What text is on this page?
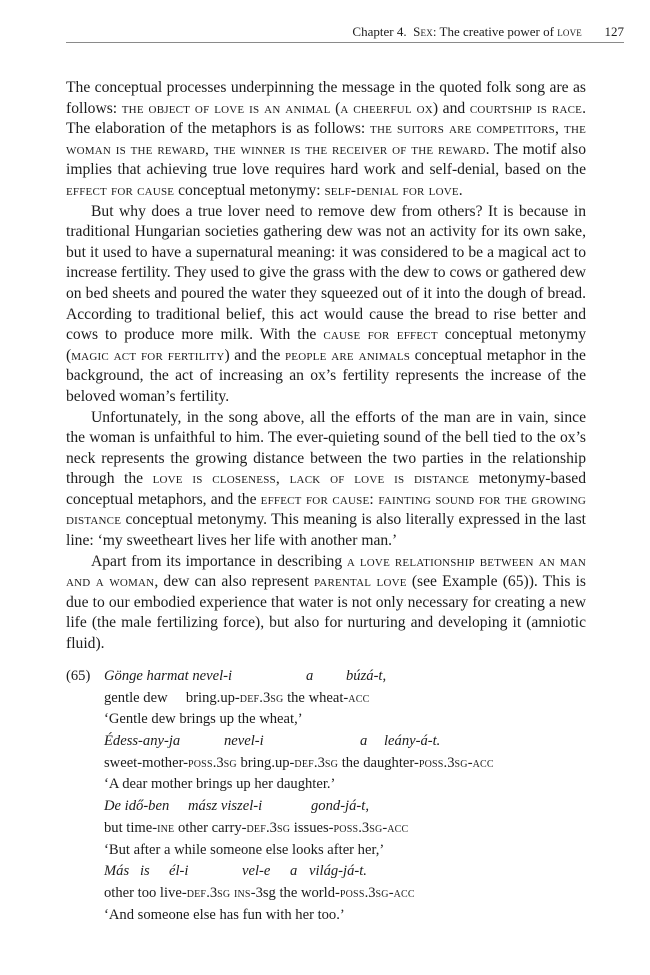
Chapter 4. Sex: The creative power of love 127

The conceptual processes underpinning the message in the quoted folk song are as follows: the object of love is an animal (a cheerful ox) and courtship is race. The elaboration of the metaphors is as follows: the suitors are competitors, the woman is the reward, the winner is the receiver of the reward. The motif also implies that achieving true love requires hard work and self-denial, based on the effect for cause conceptual metonymy: self-denial for love.

But why does a true lover need to remove dew from others? It is because in traditional Hungarian societies gathering dew was not an activity for its own sake, but it used to have a supernatural meaning: it was considered to be a magical act to increase fertility. They used to give the grass with the dew to cows or gathered dew on bed sheets and poured the water they squeezed out of it into the dough of bread. According to traditional belief, this act would cause the bread to rise better and cows to produce more milk. With the cause for effect conceptual metonymy (magic act for fertility) and the people are animals conceptual metaphor in the background, the act of increasing an ox’s fertility represents the increase of the beloved woman’s fertility.

Unfortunately, in the song above, all the efforts of the man are in vain, since the woman is unfaithful to him. The ever-quieting sound of the bell tied to the ox’s neck represents the growing distance between the two parties in the relationship through the love is closeness, lack of love is distance metonymy-based conceptual metaphors, and the effect for cause: fainting sound for the growing distance conceptual metonymy. This meaning is also literally expressed in the last line: ‘my sweetheart lives her life with another man.’

Apart from its importance in describing a love relationship between an man and a woman, dew can also represent parental love (see Example (65)). This is due to our embodied experience that water is not only necessary for creating a new life (the male fertilizing force), but also for nurturing and developing it (amniotic fluid).

(65) Gönge harmat nevel-i	a búzá-t,
gentle dew bring.up-def.3sg the wheat-acc
‘Gentle dew brings up the wheat,’
Édess-any-ja	nevel-i	a leány-á-t.
sweet-mother-poss.3sg bring.up-def.3sg the daughter-poss.3sg-acc
‘A dear mother brings up her daughter.’
De idő-ben mász viszel-i	gond-já-t,
but time-ine other carry-def.3sg issues-poss.3sg-acc
‘But after a while someone else looks after her,’
Más is él-i	vel-e a világ-já-t.
other too live-def.3sg ins-3sg the world-poss.3sg-acc
‘And someone else has fun with her too.’
